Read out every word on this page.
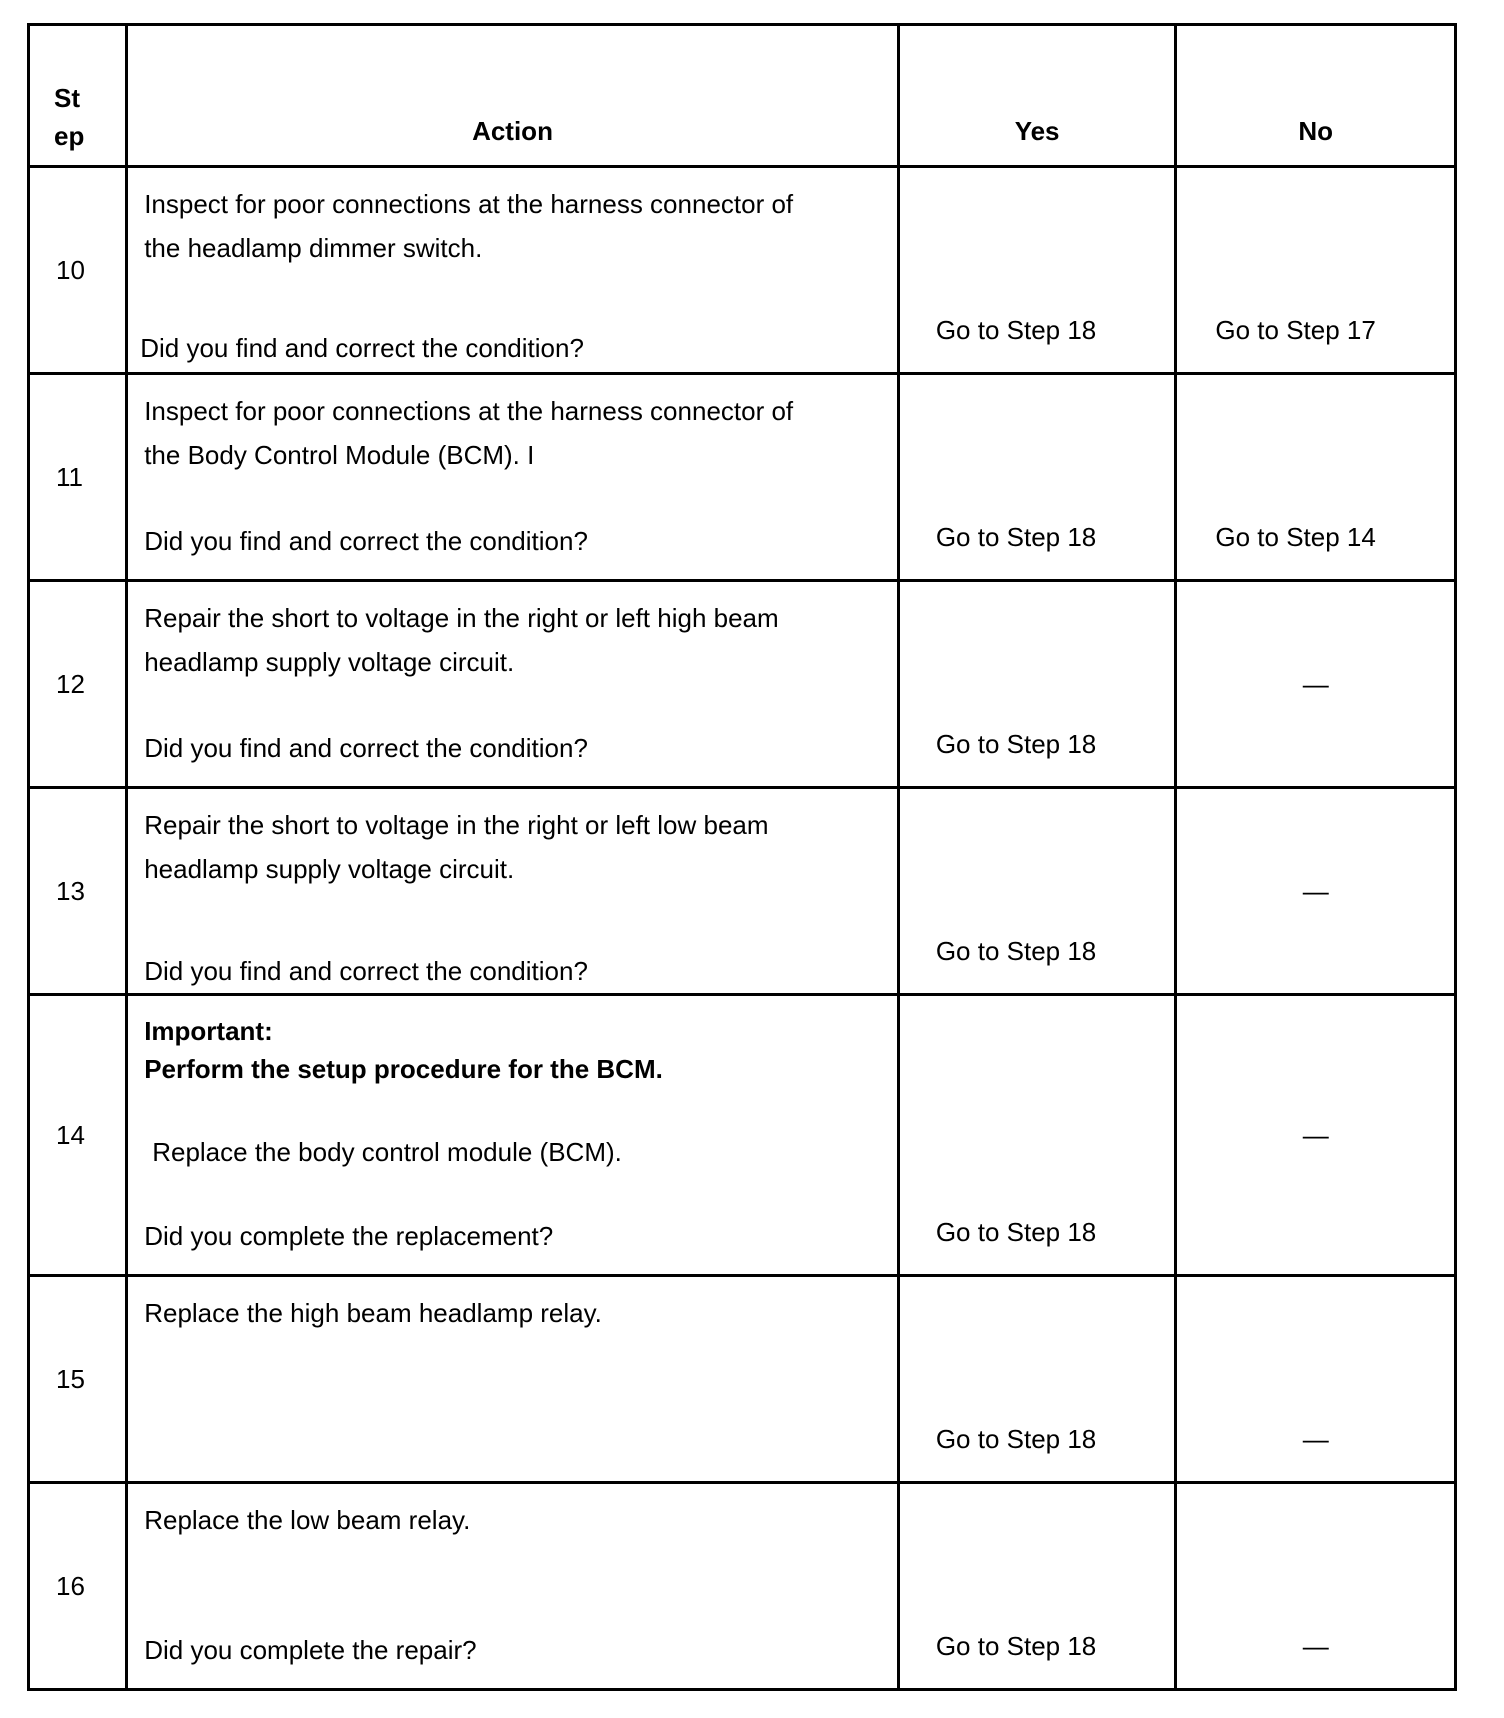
St ep	Action	Yes	No

10	Inspect for poor connections at the harness connector of
the headlamp dimmer switch.
Did you find and correct the condition?	Go to Step 18	Go to Step 17

11	Inspect for poor connections at the harness connector of
the Body Control Module (BCM). I
Did you find and correct the condition?	Go to Step 18	Go to Step 14

12	Repair the short to voltage in the right or left high beam
headlamp supply voltage circuit.
Did you find and correct the condition?	Go to Step 18	—

13	Repair the short to voltage in the right or left low beam
headlamp supply voltage circuit.
Did you find and correct the condition?	Go to Step 18	—

14	Important:
Perform the setup procedure for the BCM.
Replace the body control module (BCM).
Did you complete the replacement?	Go to Step 18	—

15	Replace the high beam headlamp relay.	Go to Step 18	—

16	Replace the low beam relay.
Did you complete the repair?	Go to Step 18	—
